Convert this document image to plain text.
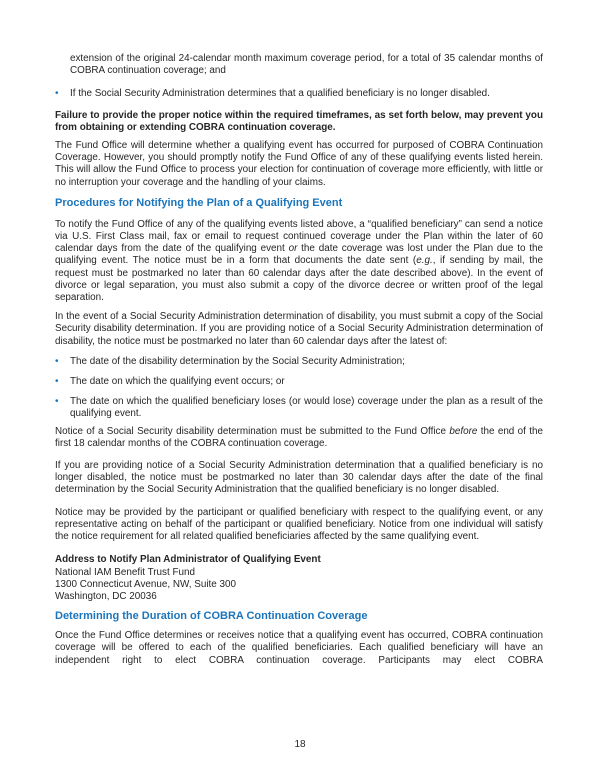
extension of the original 24-calendar month maximum coverage period, for a total of 35 calendar months of COBRA continuation coverage; and

•	If the Social Security Administration determines that a qualified beneficiary is no longer disabled.

Failure to provide the proper notice within the required timeframes, as set forth below, may prevent you from obtaining or extending COBRA continuation coverage.

The Fund Office will determine whether a qualifying event has occurred for purposed of COBRA Continuation Coverage. However, you should promptly notify the Fund Office of any of these qualifying events listed herein. This will allow the Fund Office to process your election for continuation of coverage more efficiently, with little or no interruption your coverage and the handling of your claims.

Procedures for Notifying the Plan of a Qualifying Event

To notify the Fund Office of any of the qualifying events listed above, a “qualified beneficiary” can send a notice via U.S. First Class mail, fax or email to request continued coverage under the Plan within the later of 60 calendar days from the date of the qualifying event or the date coverage was lost under the Plan due to the qualifying event. The notice must be in a form that documents the date sent (e.g., if sending by mail, the request must be postmarked no later than 60 calendar days after the date described above). In the event of divorce or legal separation, you must also submit a copy of the divorce decree or written proof of the legal separation.

In the event of a Social Security Administration determination of disability, you must submit a copy of the Social Security disability determination. If you are providing notice of a Social Security Administration determination of disability, the notice must be postmarked no later than 60 calendar days after the latest of:

•	The date of the disability determination by the Social Security Administration;
•	The date on which the qualifying event occurs; or
•	The date on which the qualified beneficiary loses (or would lose) coverage under the plan as a result of the qualifying event.

Notice of a Social Security disability determination must be submitted to the Fund Office before the end of the first 18 calendar months of the COBRA continuation coverage.

If you are providing notice of a Social Security Administration determination that a qualified beneficiary is no longer disabled, the notice must be postmarked no later than 30 calendar days after the date of the final determination by the Social Security Administration that the qualified beneficiary is no longer disabled.

Notice may be provided by the participant or qualified beneficiary with respect to the qualifying event, or any representative acting on behalf of the participant or qualified beneficiary. Notice from one individual will satisfy the notice requirement for all related qualified beneficiaries affected by the same qualifying event.

Address to Notify Plan Administrator of Qualifying Event

National IAM Benefit Trust Fund

1300 Connecticut Avenue, NW, Suite 300

Washington, DC 20036

Determining the Duration of COBRA Continuation Coverage

Once the Fund Office determines or receives notice that a qualifying event has occurred, COBRA continuation coverage will be offered to each of the qualified beneficiaries. Each qualified beneficiary will have an independent right to elect COBRA continuation coverage. Participants may elect COBRA

18
